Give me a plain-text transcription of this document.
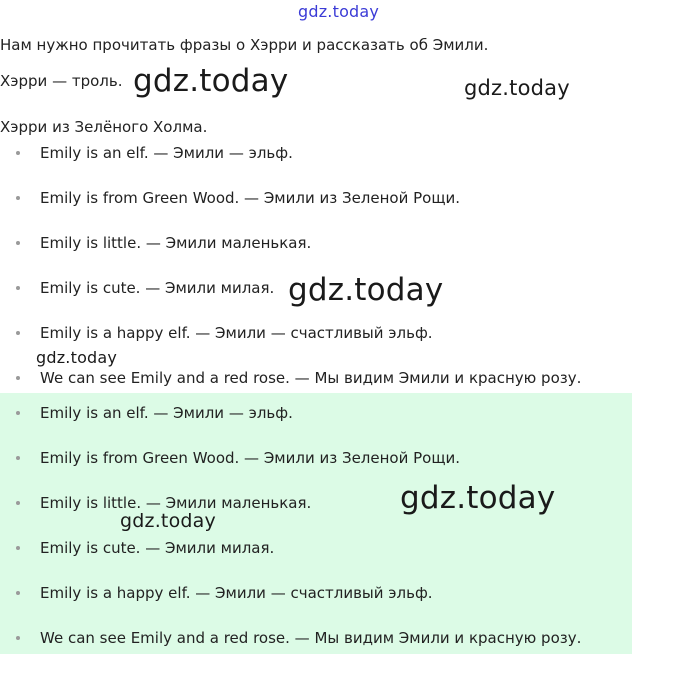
gdz.today
Нам нужно прочитать фразы о Хэрри и рассказать об Эмили.
Хэрри — троль.
Хэрри из Зелёного Холма.
Emily is an elf. — Эмили — эльф.
Emily is from Green Wood. — Эмили из Зеленой Рощи.
Emily is little. — Эмили маленькая.
Emily is cute. — Эмили милая.
Emily is a happy elf. — Эмили — счастливый эльф.
We can see Emily and a red rose. — Мы видим Эмили и красную розу.
Emily is an elf. — Эмили — эльф.
Emily is from Green Wood. — Эмили из Зеленой Рощи.
Emily is little. — Эмили маленькая.
Emily is cute. — Эмили милая.
Emily is a happy elf. — Эмили — счастливый эльф.
We can see Emily and a red rose. — Мы видим Эмили и красную розу.
gdz.today	gdz.today
gdz.today
gdz.today
gdz.today
gdz.today
